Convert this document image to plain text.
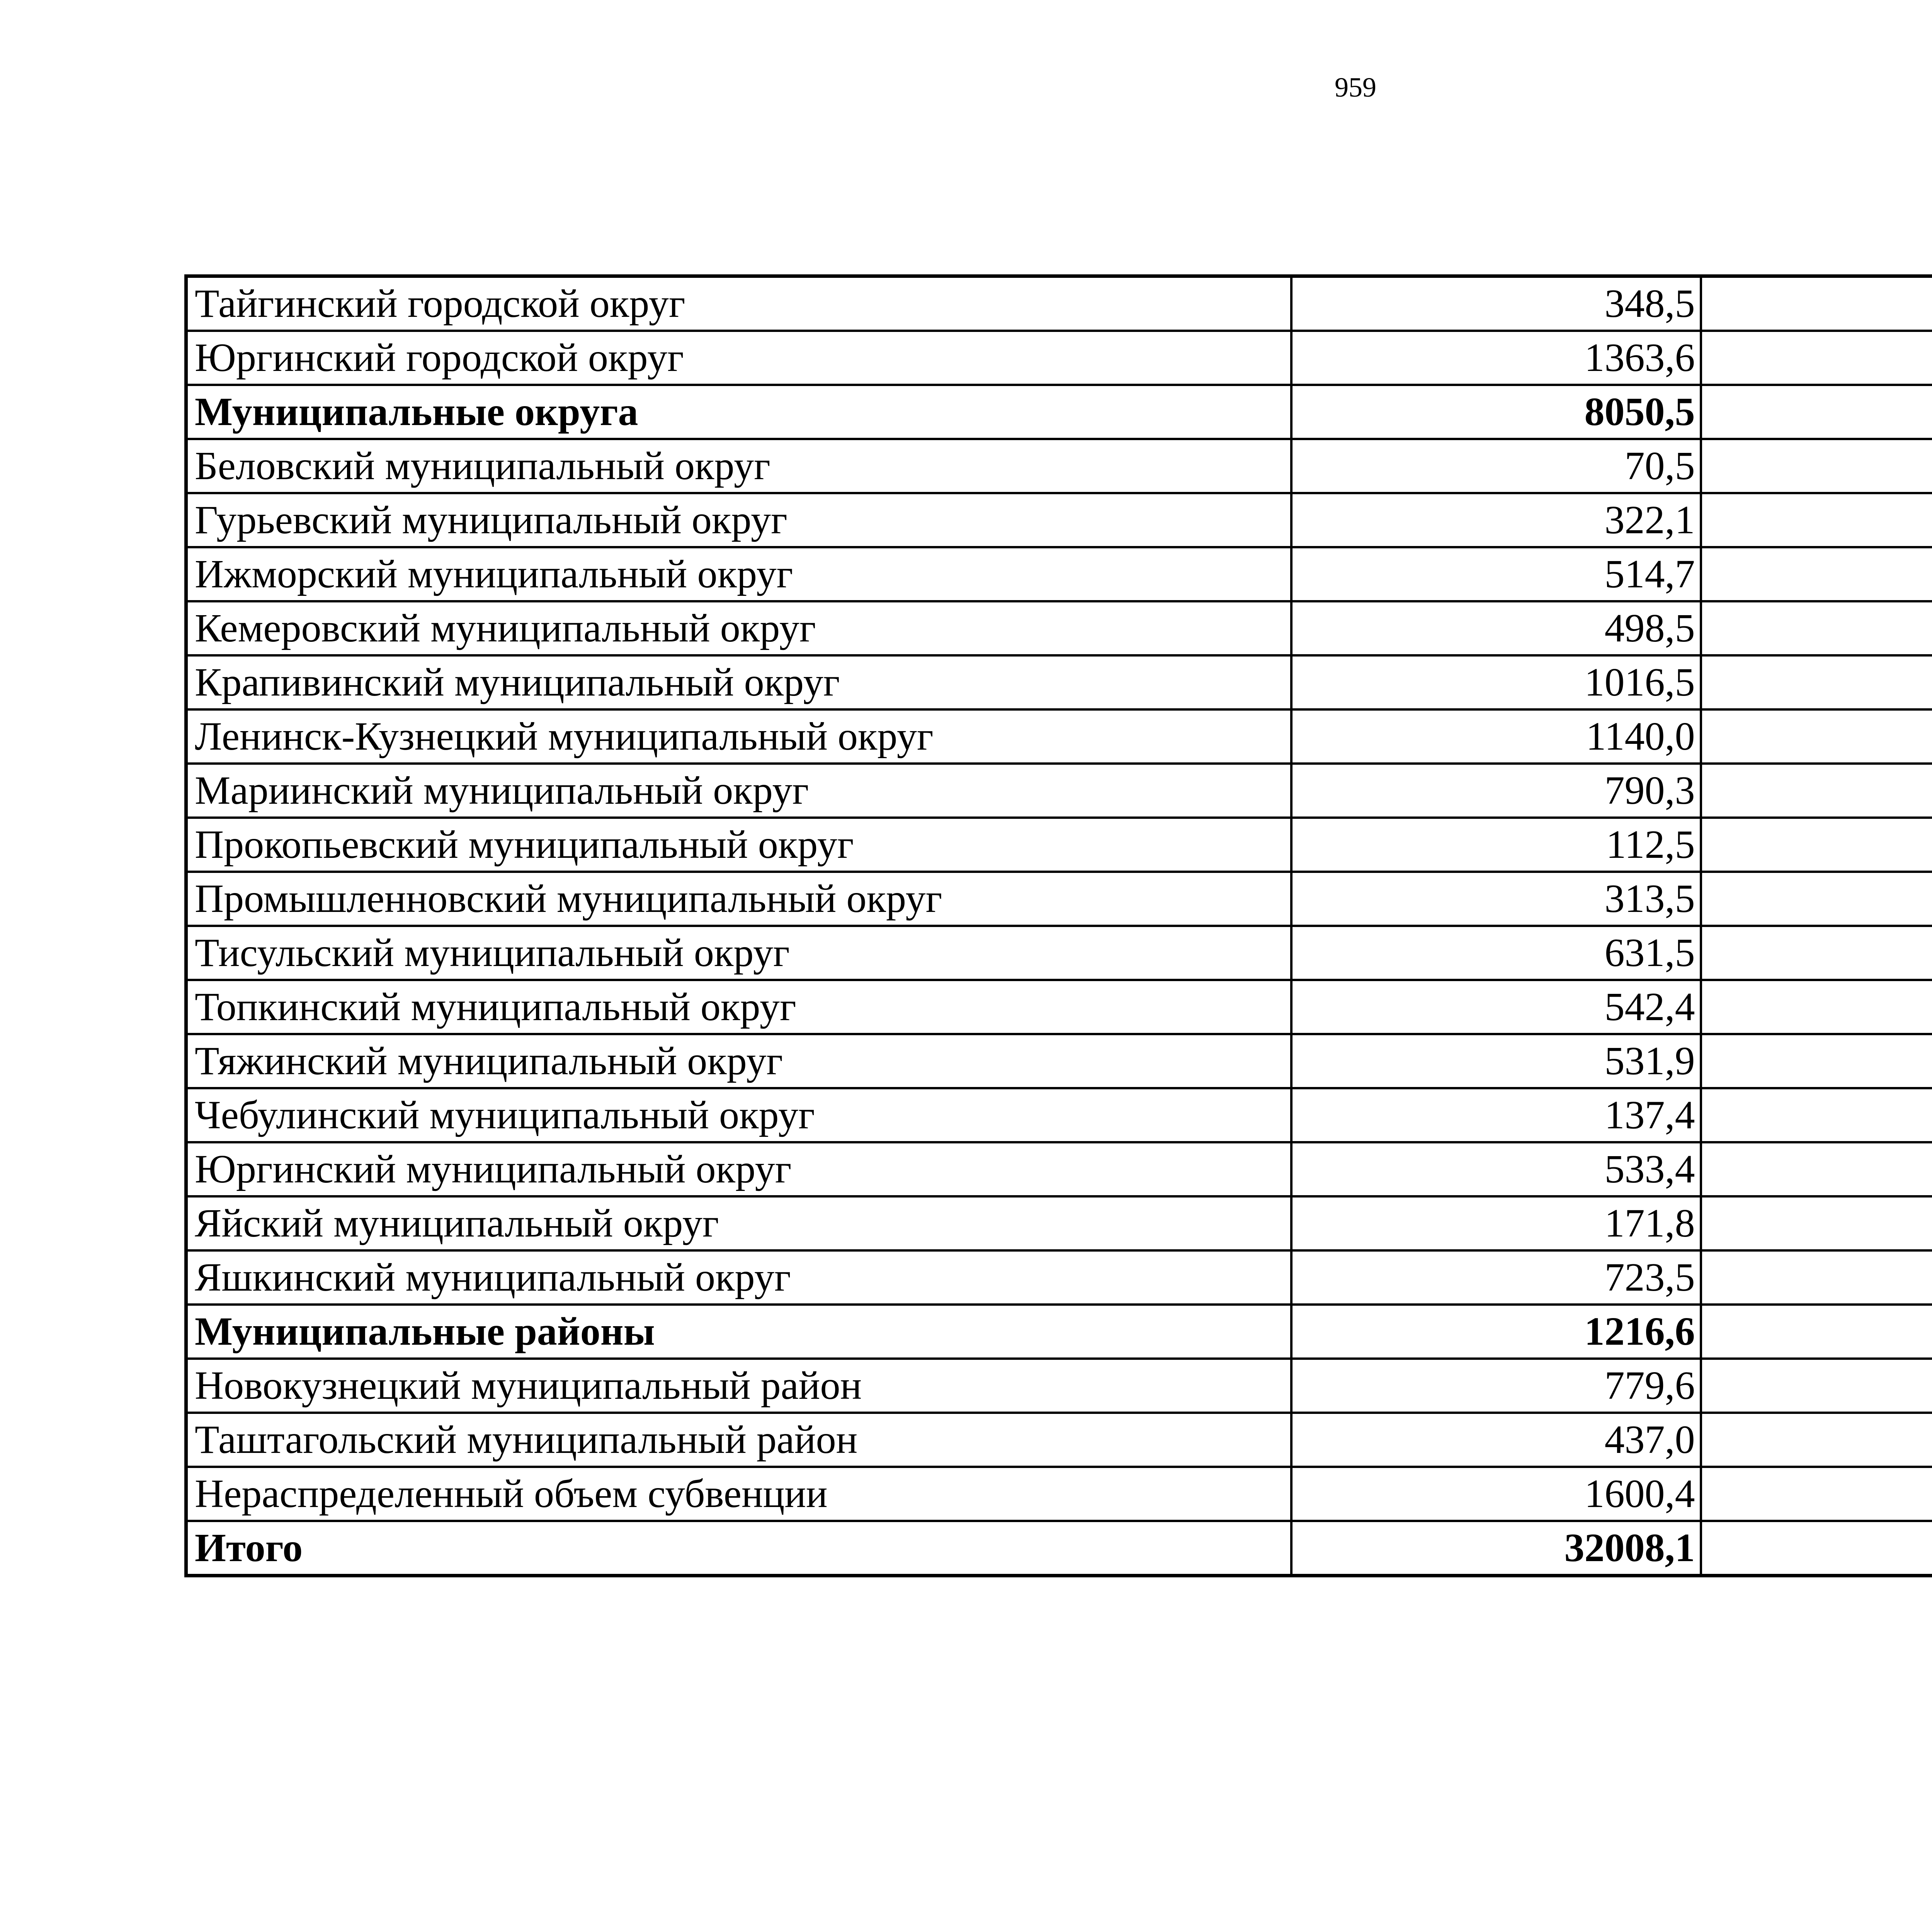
959
Тайгинский городской округ	348,5		
Юргинский городской округ	1363,6		
Муниципальные округа	8050,5		
Беловский муниципальный округ	70,5		
Гурьевский муниципальный округ	322,1		
Ижморский муниципальный округ	514,7		
Кемеровский муниципальный округ	498,5		
Крапивинский муниципальный округ	1016,5		
Ленинск-Кузнецкий муниципальный округ	1140,0		
Мариинский муниципальный округ	790,3		
Прокопьевский муниципальный округ	112,5		
Промышленновский муниципальный округ	313,5		
Тисульский муниципальный округ	631,5		
Топкинский муниципальный округ	542,4		
Тяжинский муниципальный округ	531,9		
Чебулинский муниципальный округ	137,4		
Юргинский муниципальный округ	533,4		
Яйский муниципальный округ	171,8		
Яшкинский муниципальный округ	723,5		
Муниципальные районы	1216,6		
Новокузнецкий муниципальный район	779,6		
Таштагольский муниципальный район	437,0		
Нераспределенный объем субвенции	1600,4		
Итого	32008,1		
